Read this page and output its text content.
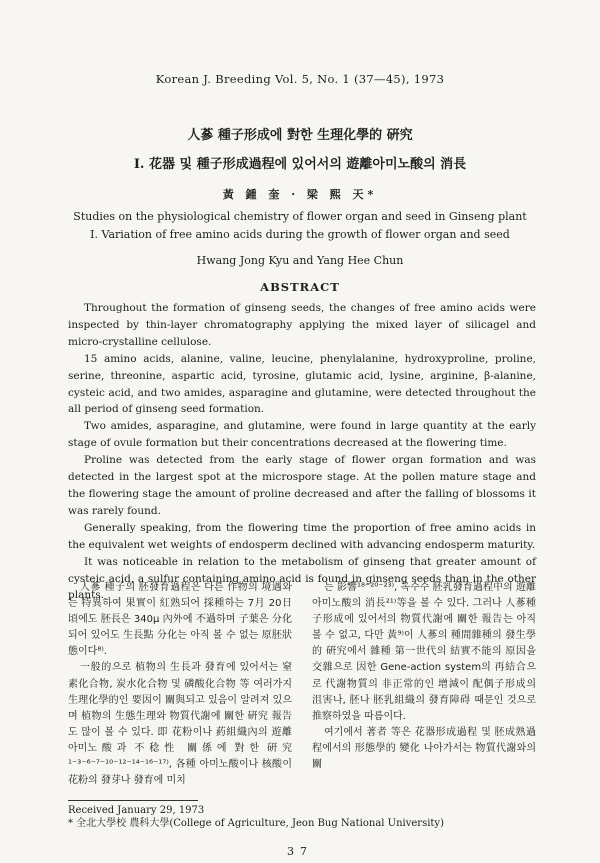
Korean J. Breeding Vol. 5, No. 1 (37—45), 1973
人蔘 種子形成에 對한 生理化學的 硏究
I. 花器 및 種子形成過程에 있어서의 遊離아미노酸의 消長
黃 鍾 奎 · 梁 熙 天*
Studies on the physiological chemistry of flower organ and seed in Ginseng plant
I. Variation of free amino acids during the growth of flower organ and seed
Hwang Jong Kyu and Yang Hee Chun
ABSTRACT

Throughout the formation of ginseng seeds, the changes of free amino acids were inspected by thin-layer chromatography applying the mixed layer of silicagel and micro-crystalline cellulose.

15 amino acids, alanine, valine, leucine, phenylalanine, hydroxyproline, proline, serine, threonine, aspartic acid, tyrosine, glutamic acid, lysine, arginine, β-alanine, cysteic acid, and two amides, asparagine and glutamine, were detected throughout the all period of ginseng seed formation.

Two amides, asparagine, and glutamine, were found in large quantity at the early stage of ovule formation but their concentrations decreased at the flowering time.

Proline was detected from the early stage of flower organ formation and was detected in the largest spot at the microspore stage. At the pollen mature stage and the flowering stage the amount of proline decreased and after the falling of blossoms it was rarely found.

Generally speaking, from the flowering time the proportion of free amino acids in the equivalent wet weights of endosperm declined with advancing endosperm maturity.

It was noticeable in relation to the metabolism of ginseng that greater amount of cysteic acid, a sulfur containing amino acid is found in ginseng seeds than in the other plants.

人蔘 種子의 胚發育過程은 다른 作物의 境遇와는 特異하여 果實이 紅熟되어 採種하는 7月 20日頃에도 胚長은 340μ 內外에 不過하며 子葉은 分化되어 있어도 生長點 分化는 아직 볼 수 없는 原胚狀態이다⁸⁾.

一般的으로 植物의 生長과 發育에 있어서는 窒素化合物, 炭水化合物 및 磷酸化合物 等 여러가지 生理化學的인 要因이 關與되고 있음이 알려져 있으며 植物의 生態生理와 物質代謝에 關한 硏究 報告도 많이 볼 수 있다. 即 花粉이나 葯組織內의 遊離아미노酸과 不稔性 關係에 對한 硏究¹⁻³⁻⁶⁻⁷⁻¹⁰⁻¹²⁻¹⁴⁻¹⁶⁻¹⁷⁾, 各種 아미노酸이나 核酸이 花粉의 發芽나 發育에 미치

는 影響¹⁸⁻²⁰⁻²³⁾, 옥수수 胚乳發育過程中의 遊離아미노酸의 消長²¹⁾等을 볼 수 있다. 그러나 人蔘種子形成에 있어서의 物質代謝에 關한 報告는 아직 볼 수 없고, 다만 黃⁹⁾이 人蔘의 種間雜種의 發生學的 硏究에서 雜種 第一世代의 結實不能의 原因을 交雜으로 因한 Gene-action system의 再結合으로 代謝物質의 非正常的인 增減이 配偶子形成의 沮害나, 胚나 胚乳組織의 發育障碍 때문인 것으로 推察하였을 따름이다.

여기에서 著者 等은 花器形成過程 및 胚成熟過程에서의 形態學的 變化 나아가서는 物質代謝와의 關

Received January 29, 1973
* 全北大學校 農科大學(College of Agriculture, Jeon Bug National University)
37
